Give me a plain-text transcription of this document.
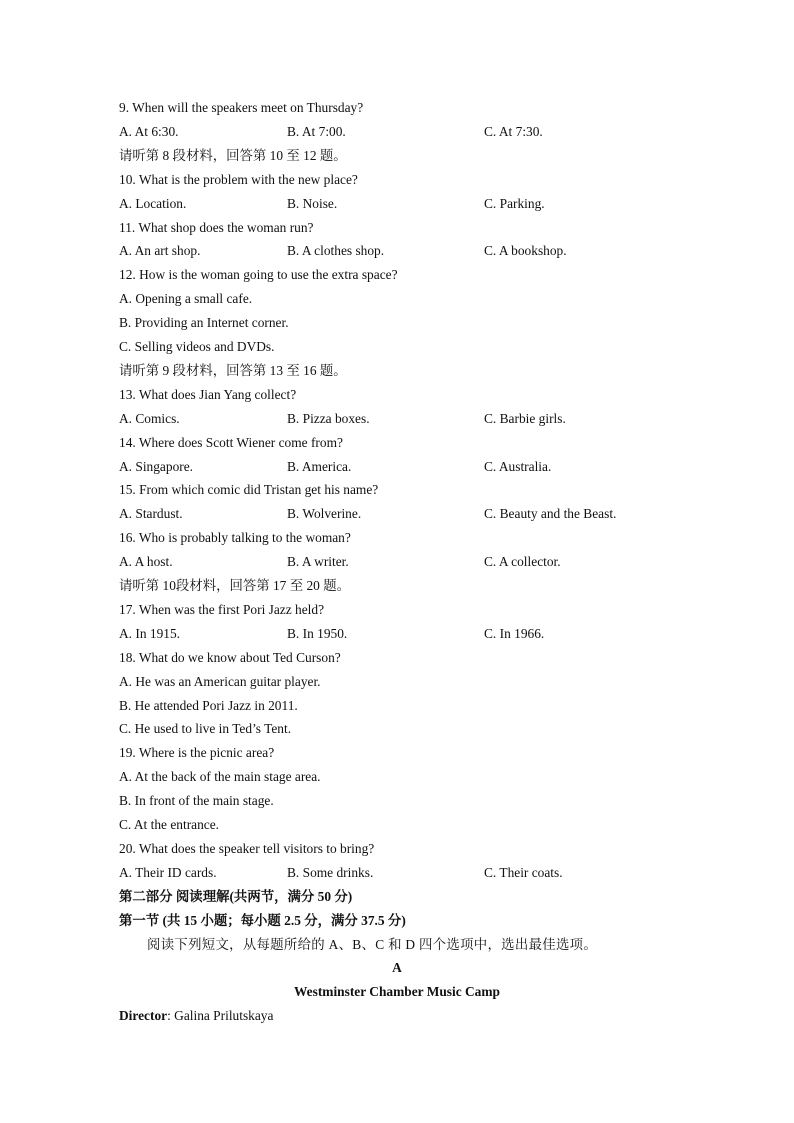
9. When will the speakers meet on Thursday?
A. At 6:30.	B. At 7:00.	C. At 7:30.
请听第 8 段材料，回答第 10 至 12 题。
10. What is the problem with the new place?
A. Location.	B. Noise.	C. Parking.
11. What shop does the woman run?
A. An art shop.	B. A clothes shop.	C. A bookshop.
12. How is the woman going to use the extra space?
A. Opening a small cafe.
B. Providing an Internet corner.
C. Selling videos and DVDs.
请听第 9 段材料，回答第 13 至 16 题。
13. What does Jian Yang collect?
A. Comics.	B. Pizza boxes.	C. Barbie girls.
14. Where does Scott Wiener come from?
A. Singapore.	B. America.	C. Australia.
15. From which comic did Tristan get his name?
A. Stardust.	B. Wolverine.	C. Beauty and the Beast.
16. Who is probably talking to the woman?
A. A host.	B. A writer.	C. A collector.
请听第 10段材料，回答第 17 至 20 题。
17. When was the first Pori Jazz held?
A. In 1915.	B. In 1950.	C. In 1966.
18. What do we know about Ted Curson?
A. He was an American guitar player.
B. He attended Pori Jazz in 2011.
C. He used to live in Ted’s Tent.
19. Where is the picnic area?
A. At the back of the main stage area.
B. In front of the main stage.
C. At the entrance.
20. What does the speaker tell visitors to bring?
A. Their ID cards.	B. Some drinks.	C. Their coats.
第二部分 阅读理解(共两节，满分 50 分)
第一节 (共 15 小题；每小题 2.5 分，满分 37.5 分)
阅读下列短文，从每题所给的 A、B、C 和 D 四个选项中，选出最佳选项。
A
Westminster Chamber Music Camp
Director: Galina Prilutskaya
